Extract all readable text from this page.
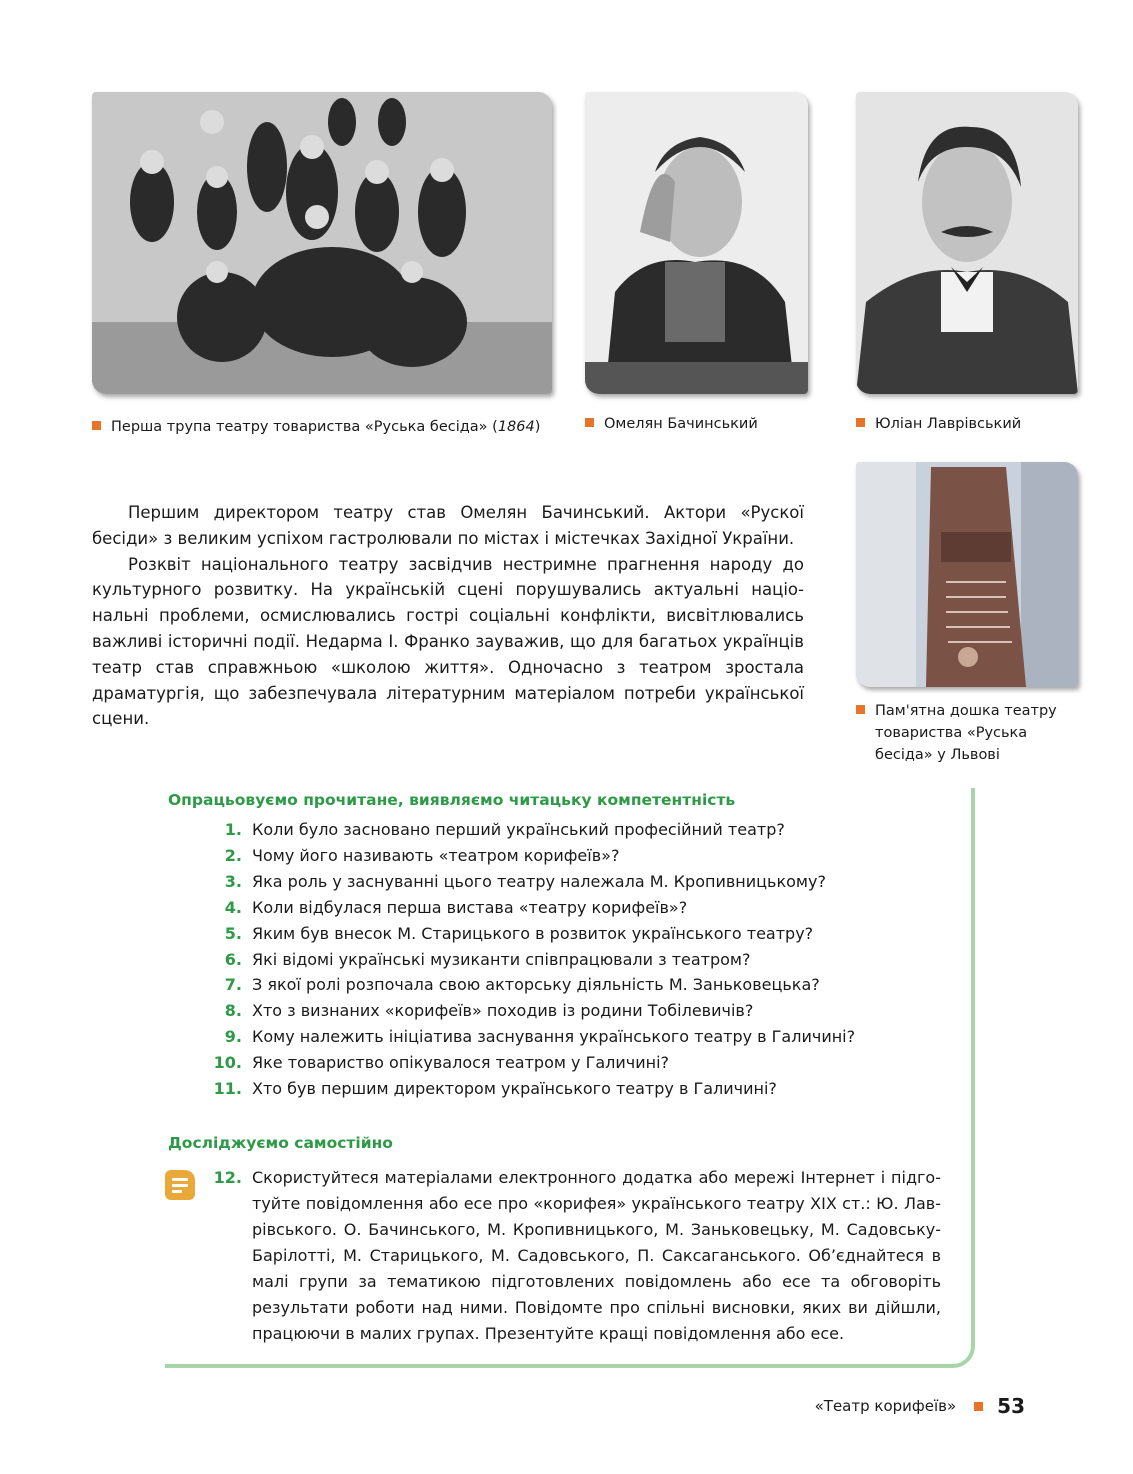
Перша трупа театру товариства «Руська бесіда» (1864)	Омелян Бачинський	Юліан Лаврівський
Пам'ятна дошка театру
товариства «Руська
бесіда» у Львові

Першим директором театру став Омелян Бачинський. Актори «Рускої бесіди» з великим успіхом гастролювали по містах і містечках Західної України.

Розквіт національного театру засвідчив нестримне прагнення народу до культурного розвитку. На українській сцені порушувались актуальні національні проблеми, осмислювались гострі соціальні конфлікти, висвітлювались важливі історичні події. Недарма І. Франко зауважив, що для багатьох українців театр став справжньою «школою життя». Одночасно з театром зростала драматургія, що забезпечувала літературним матеріалом потреби української сцени.

Опрацьовуємо прочитане, виявляємо читацьку компетентність
1. Коли було засновано перший український професійний театр?
2. Чому його називають «театром корифеїв»?
3. Яка роль у заснуванні цього театру належала М. Кропивницькому?
4. Коли відбулася перша вистава «театру корифеїв»?
5. Яким був внесок М. Старицького в розвиток українського театру?
6. Які відомі українські музиканти співпрацювали з театром?
7. З якої ролі розпочала свою акторську діяльність М. Заньковецька?
8. Хто з визнаних «корифеїв» походив із родини Тобілевичів?
9. Кому належить ініціатива заснування українського театру в Галичині?
10. Яке товариство опікувалося театром у Галичині?
11. Хто був першим директором українського театру в Галичині?
Досліджуємо самостійно
12. Скористуйтеся матеріалами електронного додатка або мережі Інтернет і підготуйте повідомлення або есе про «корифея» українського театру XIX ст.: Ю. Лаврівського. О. Бачинського, М. Кропивницького, М. Заньковецьку, М. Садовську-Барілотті, М. Старицького, М. Садовського, П. Саксаганського. Об’єднайтеся в малі групи за тематикою підготовлених повідомлень або есе та обговоріть результати роботи над ними. Повідомте про спільні висновки, яких ви дійшли, працюючи в малих групах. Презентуйте кращі повідомлення або есе.
«Театр корифеїв» 53
